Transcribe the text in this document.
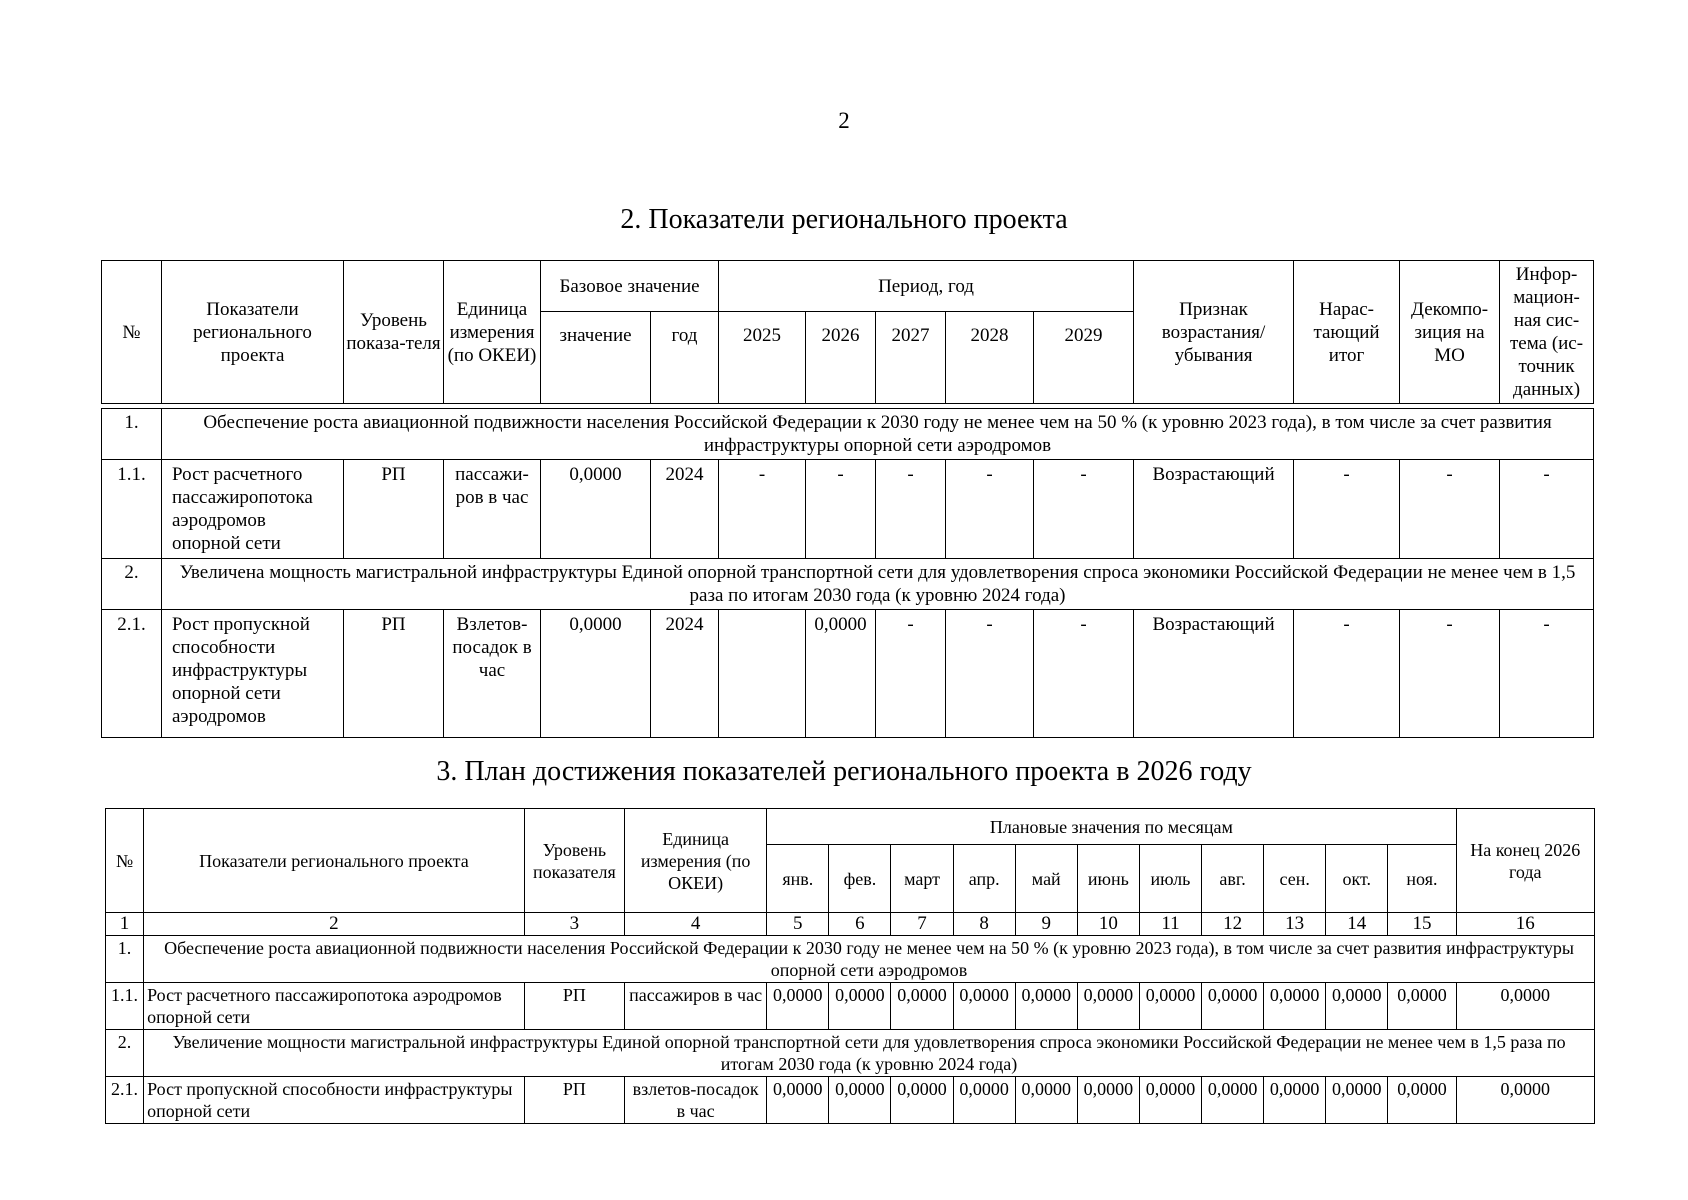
2
2. Показатели регионального проекта
№	Показатели регионального проекта	Уровень показа-теля	Единица измерения (по ОКЕИ)	Базовое значение		Период, год					Признак возрастания/ убывания	Нарас-тающий итог	Декомпо-зиция на МО	Инфор-мацион-ная сис-тема (ис-точник данных)
				значение	год	2025	2026	2027	2028	2029				

1.	Обеспечение роста авиационной подвижности населения Российской Федерации к 2030 году не менее чем на 50 % (к уровню 2023 года), в том числе за счет развития инфраструктуры опорной сети аэродромов													
1.1.	Рост расчетного пассажиропотока аэродромов опорной сети	РП	пассажи-ров в час	0,0000	2024	-	-	-	-	-	Возрастающий	-	-	-
2.	Увеличена мощность магистральной инфраструктуры Единой опорной транспортной сети для удовлетворения спроса экономики Российской Федерации не менее чем в 1,5 раза по итогам 2030 года (к уровню 2024 года)													
2.1.	Рост пропускной способности инфраструктуры опорной сети аэродромов	РП	Взлетов-посадок в час	0,0000	2024		0,0000	-	-	-	Возрастающий	-	-	-
3. План достижения показателей регионального проекта в 2026 году
№	Показатели регионального проекта	Уровень показателя	Единица измерения (по ОКЕИ)	Плановые значения по месяцам											На конец 2026 года
				янв.	фев.	март	апр.	май	июнь	июль	авг.	сен.	окт.	ноя.	
1	2	3	4	5	6	7	8	9	10	11	12	13	14	15	16
1.	Обеспечение роста авиационной подвижности населения Российской Федерации к 2030 году не менее чем на 50 % (к уровню 2023 года), в том числе за счет развития инфраструктуры опорной сети аэродромов														
1.1.	Рост расчетного пассажиропотока аэродромов опорной сети	РП	пассажиров в час	0,0000	0,0000	0,0000	0,0000	0,0000	0,0000	0,0000	0,0000	0,0000	0,0000	0,0000	0,0000
2.	Увеличение мощности магистральной инфраструктуры Единой опорной транспортной сети для удовлетворения спроса экономики Российской Федерации не менее чем в 1,5 раза по итогам 2030 года (к уровню 2024 года)														
2.1.	Рост пропускной способности инфраструктуры опорной сети	РП	взлетов-посадок в час	0,0000	0,0000	0,0000	0,0000	0,0000	0,0000	0,0000	0,0000	0,0000	0,0000	0,0000	0,0000
